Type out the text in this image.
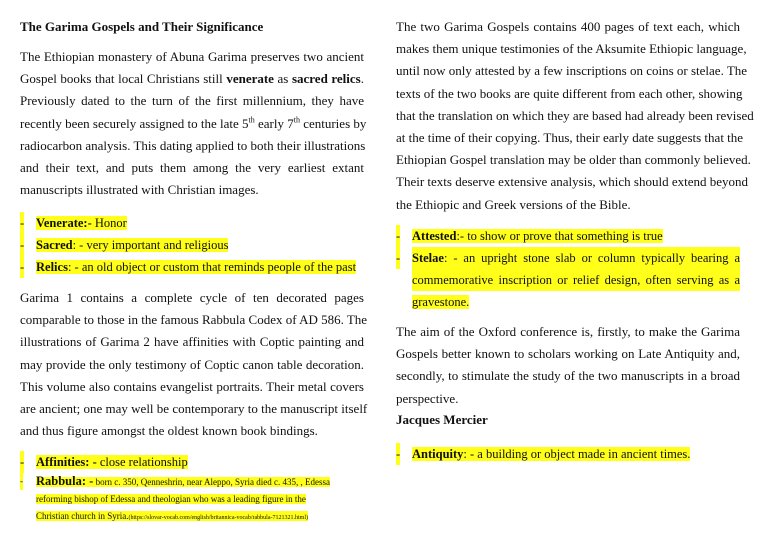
The Garima Gospels and Their Significance

The Ethiopian monastery of Abuna Garima preserves two ancient
Gospel books that local Christians still venerate as sacred relics.
Previously dated to the turn of the first millennium, they have
recently been securely assigned to the late 5th early 7th centuries by
radiocarbon analysis. This dating applied to both their illustrations
and their text, and puts them among the very earliest extant
manuscripts illustrated with Christian images.

- Venerate:- Honor
- Sacred: - very important and religious
- Relics: - an old object or custom that reminds people of the past

Garima 1 contains a complete cycle of ten decorated pages
comparable to those in the famous Rabbula Codex of AD 586. The
illustrations of Garima 2 have affinities with Coptic painting and
may provide the only testimony of Coptic canon table decoration.
This volume also contains evangelist portraits. Their metal covers
are ancient; one may well be contemporary to the manuscript itself
and thus figure amongst the oldest known book bindings.

- Affinities: - close relationship
- Rabbula: - born c. 350, Qenneshrin, near Aleppo, Syria died c. 435, , Edessa
reforming bishop of Edessa and theologian who was a leading figure in the
Christian church in Syria.(https://slovar-vocab.com/english/britannica-vocab/rabbula-7121321.html)

The two Garima Gospels contains 400 pages of text each, which
makes them unique testimonies of the Aksumite Ethiopic language,
until now only attested by a few inscriptions on coins or stelae. The
texts of the two books are quite different from each other, showing
that the translation on which they are based had already been revised
at the time of their copying. Thus, their early date suggests that the
Ethiopian Gospel translation may be older than commonly believed.
Their texts deserve extensive analysis, which should extend beyond
the Ethiopic and Greek versions of the Bible.

- Attested:- to show or prove that something is true
- Stelae: - an upright stone slab or column typically bearing a
commemorative inscription or relief design, often serving as a
gravestone.

The aim of the Oxford conference is, firstly, to make the Garima
Gospels better known to scholars working on Late Antiquity and,
secondly, to stimulate the study of the two manuscripts in a broad
perspective.

Jacques Mercier

- Antiquity: - a building or object made in ancient times.
